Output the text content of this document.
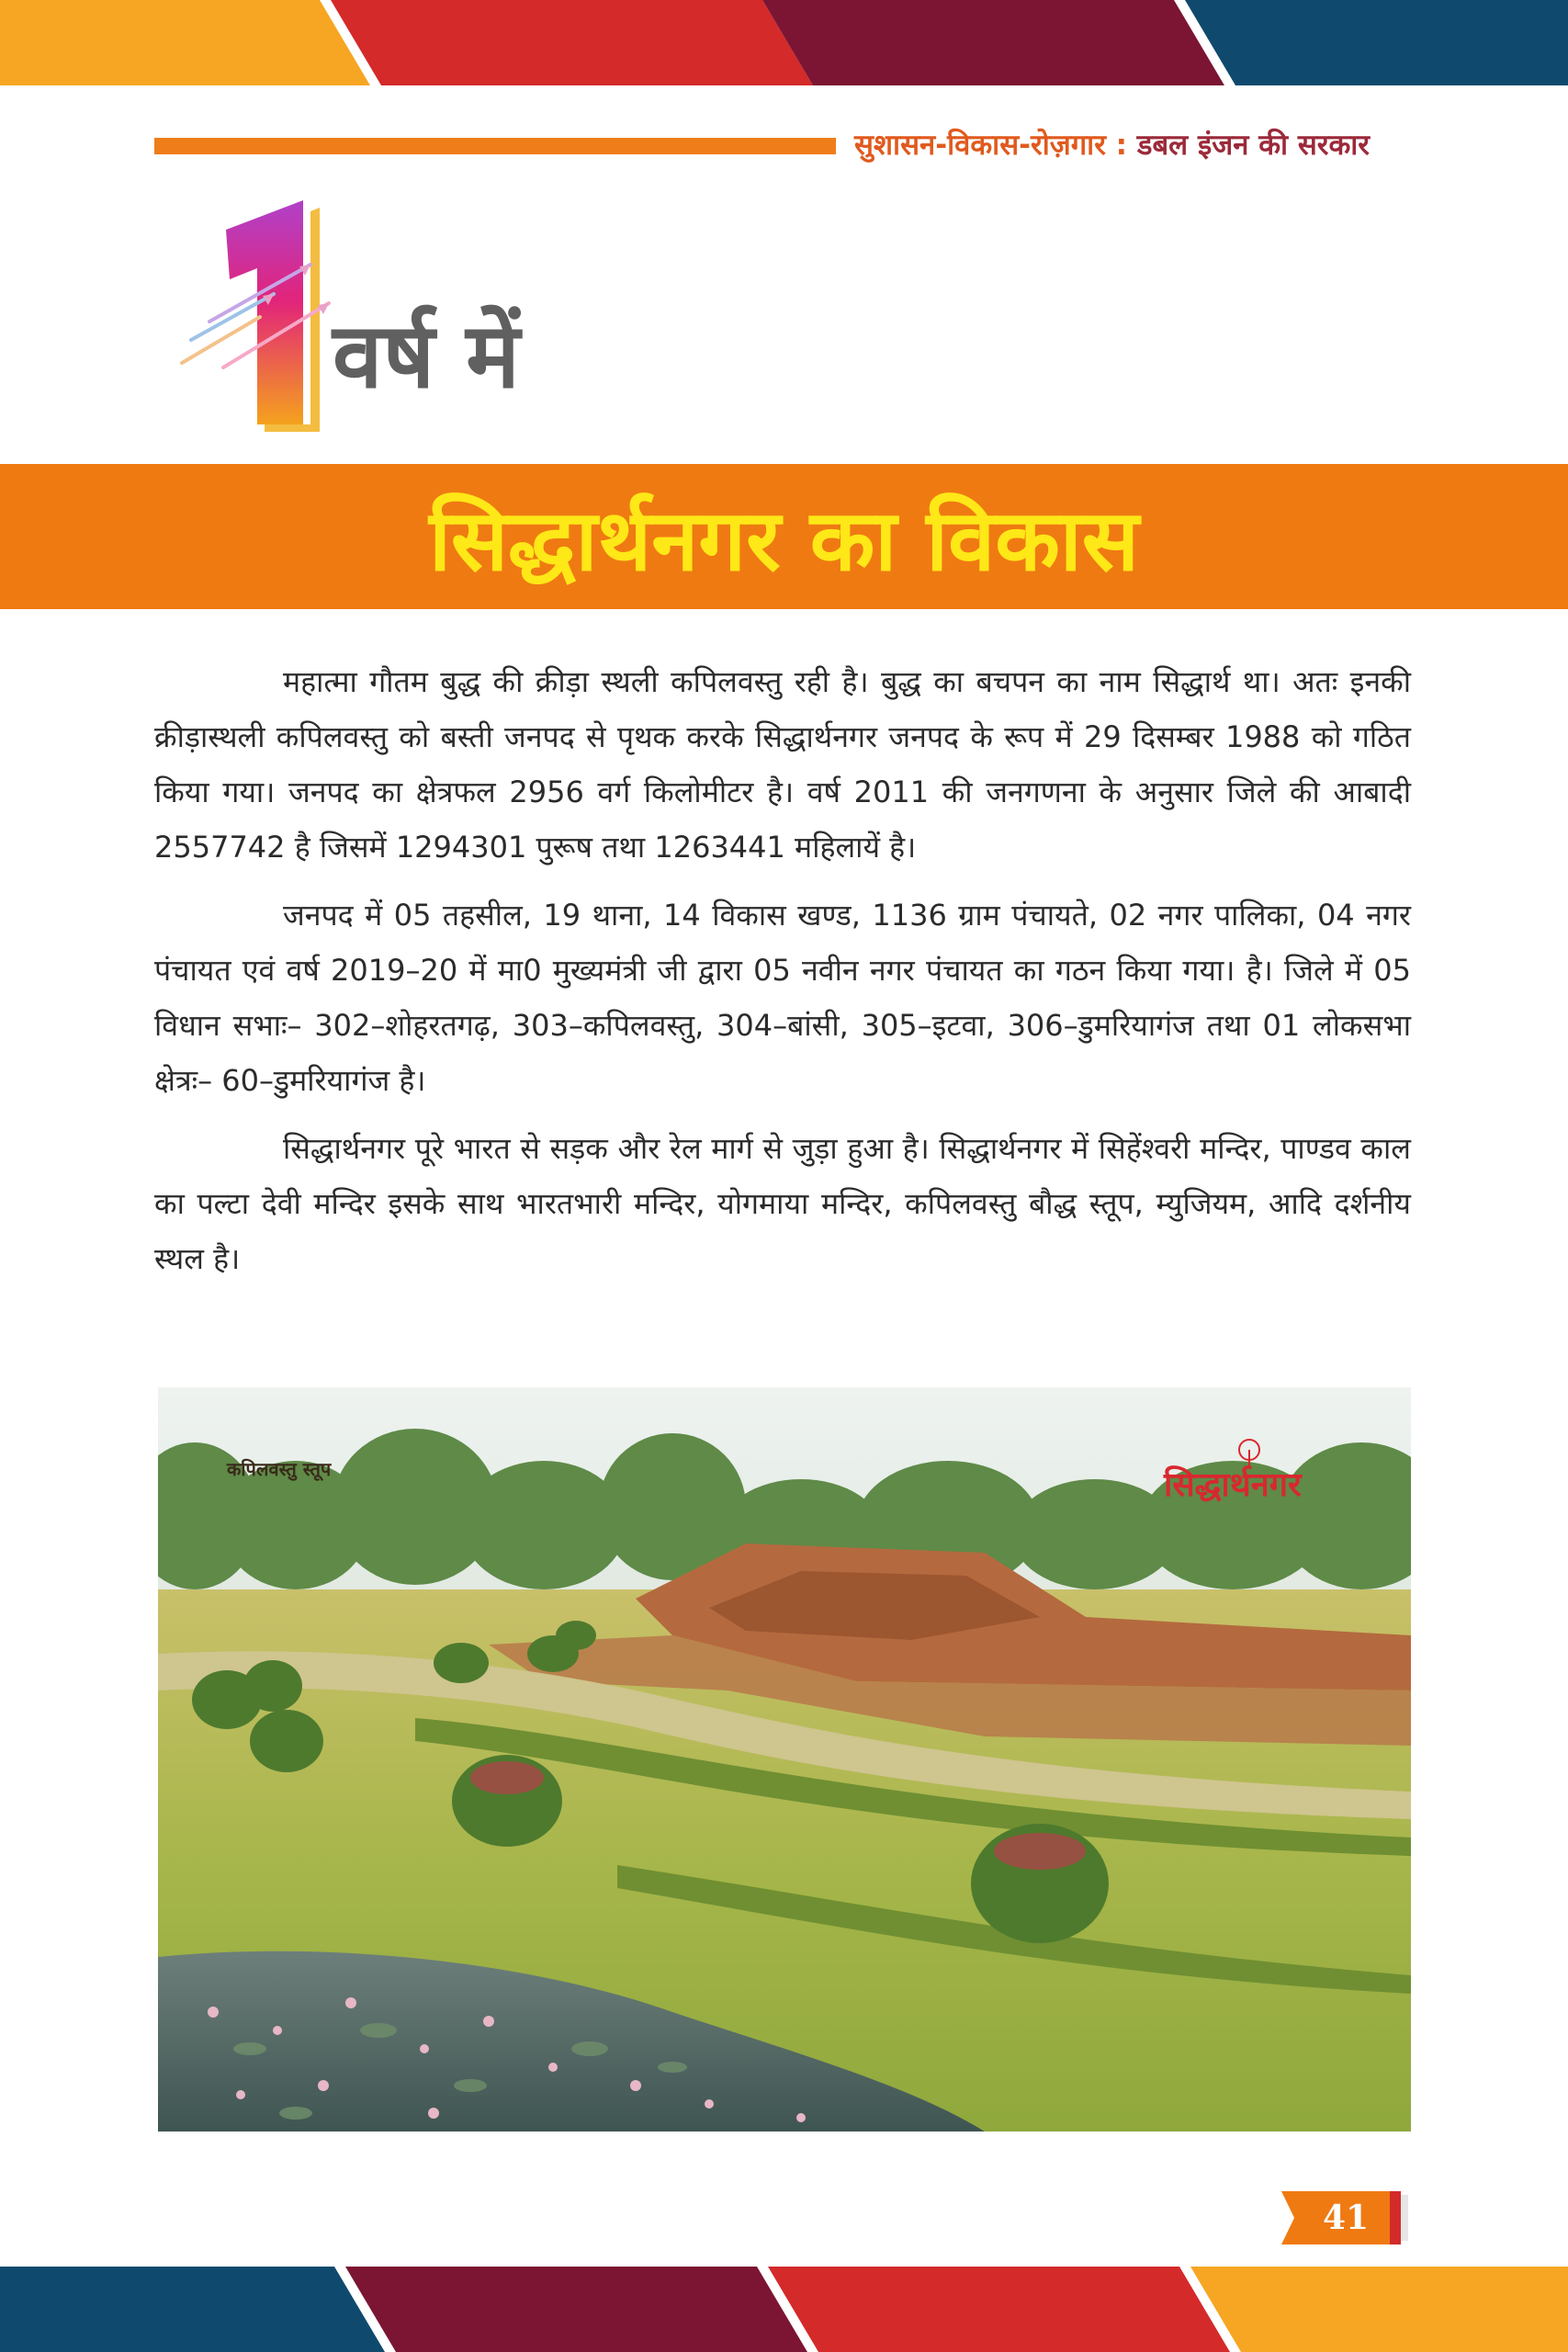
सुशासन-विकास-रोज़गार : डबल इंजन की सरकार
वर्ष में
सिद्धार्थनगर का विकास

महात्मा गौतम बुद्ध की क्रीड़ा स्थली कपिलवस्तु रही है। बुद्ध का बचपन का नाम सिद्धार्थ था। अतः इनकी क्रीड़ास्थली कपिलवस्तु को बस्ती जनपद से पृथक करके सिद्धार्थनगर जनपद के रूप में 29 दिसम्बर 1988 को गठित किया गया। जनपद का क्षेत्रफल 2956 वर्ग किलोमीटर है। वर्ष 2011 की जनगणना के अनुसार जिले की आबादी 2557742 है जिसमें 1294301 पुरूष तथा 1263441 महिलायें है।

जनपद में 05 तहसील, 19 थाना, 14 विकास खण्ड, 1136 ग्राम पंचायते, 02 नगर पालिका, 04 नगर पंचायत एवं वर्ष 2019–20 में मा0 मुख्यमंत्री जी द्वारा 05 नवीन नगर पंचायत का गठन किया गया। है। जिले में 05 विधान सभाः– 302–शोहरतगढ़, 303–कपिलवस्तु, 304–बांसी, 305–इटवा, 306–डुमरियागंज तथा 01 लोकसभा क्षेत्रः– 60–डुमरियागंज है।

सिद्धार्थनगर पूरे भारत से सड़क और रेल मार्ग से जुड़ा हुआ है। सिद्धार्थनगर में सिहेंश्वरी मन्दिर, पाण्डव काल का पल्टा देवी मन्दिर इसके साथ भारतभारी मन्दिर, योगमाया मन्दिर, कपिलवस्तु बौद्ध स्तूप, म्युजियम, आदि दर्शनीय स्थल है।

कपिलवस्तु स्तूप	सिद्धार्थनगर
41
